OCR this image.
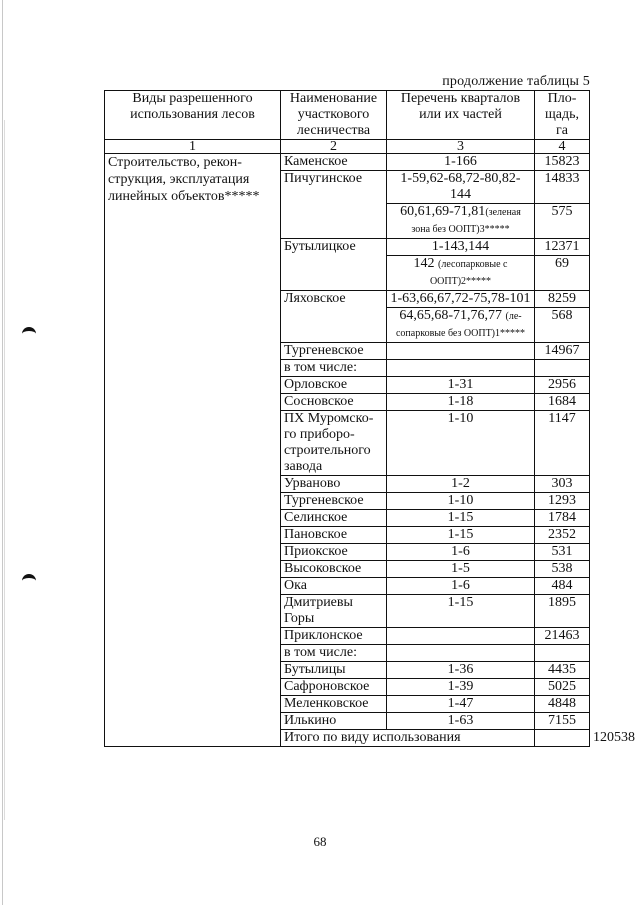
продолжение таблицы 5
Виды разрешенного использования лесов	Наименование участкового лесничества	Перечень кварталов или их частей	Пло-щадь, га	
1	2	3	4	
Строительство, рекон-струкция, эксплуатация линейных объектов*****	Каменское	1-166	15823	
	Пичугинское	1-59,62-68,72-80,82-144	14833	
		60,61,69-71,81(зеленая зона без ООПТ)3*****	575	
	Бутылицкое	1-143,144	12371	
		142 (лесопарковые с ООПТ)2*****	69	
	Ляховское	1-63,66,67,72-75,78-101	8259	
		64,65,68-71,76,77 (ле-сопарковые без ООПТ)1*****	568	
	Тургеневское		14967	
	в том числе:			
	Орловское	1-31	2956	
	Сосновское	1-18	1684	
	ПХ Муромско-го приборо-строительного завода	1-10	1147	
	Урваново	1-2	303	
	Тургеневское	1-10	1293	
	Селинское	1-15	1784	
	Пановское	1-15	2352	
	Приокское	1-6	531	
	Высоковское	1-5	538	
	Ока	1-6	484	
	Дмитриевы Горы	1-15	1895	
	Приклонское		21463	
	в том числе:			
	Бутылицы	1-36	4435	
	Сафроновское	1-39	5025	
	Меленковское	1-47	4848	
	Илькино	1-63	7155	
	Итого по виду использования			120538
68
